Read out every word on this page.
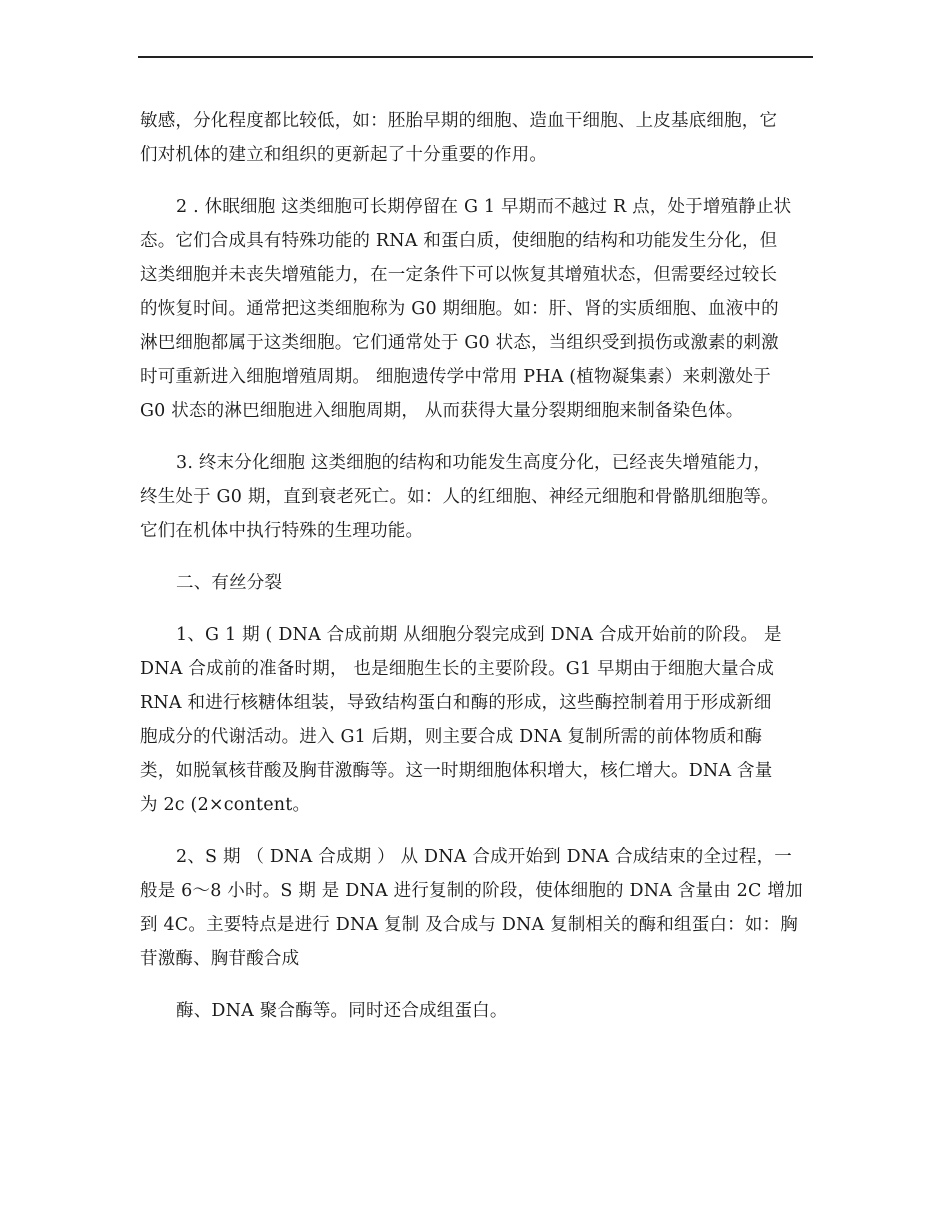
敏感，分化程度都比较低，如：胚胎早期的细胞、造血干细胞、上皮基底细胞，它
们对机体的建立和组织的更新起了十分重要的作用。

2 . 休眠细胞 这类细胞可长期停留在 G 1 早期而不越过 R 点，处于增殖静止状
态。它们合成具有特殊功能的 RNA 和蛋白质，使细胞的结构和功能发生分化，但
这类细胞并未丧失增殖能力，在一定条件下可以恢复其增殖状态，但需要经过较长
的恢复时间。通常把这类细胞称为 G0 期细胞。如：肝、肾的实质细胞、血液中的
淋巴细胞都属于这类细胞。它们通常处于 G0 状态，当组织受到损伤或激素的刺激
时可重新进入细胞增殖周期。 细胞遗传学中常用 PHA (植物凝集素）来刺激处于
G0 状态的淋巴细胞进入细胞周期， 从而获得大量分裂期细胞来制备染色体。

3. 终末分化细胞 这类细胞的结构和功能发生高度分化，已经丧失增殖能力，
终生处于 G0 期，直到衰老死亡。如：人的红细胞、神经元细胞和骨骼肌细胞等。
它们在机体中执行特殊的生理功能。

二、有丝分裂

1、G 1 期 ( DNA 合成前期 从细胞分裂完成到 DNA 合成开始前的阶段。 是
DNA 合成前的准备时期， 也是细胞生长的主要阶段。G1 早期由于细胞大量合成
RNA 和进行核糖体组装，导致结构蛋白和酶的形成，这些酶控制着用于形成新细
胞成分的代谢活动。进入 G1 后期，则主要合成 DNA 复制所需的前体物质和酶
类，如脱氧核苷酸及胸苷激酶等。这一时期细胞体积增大，核仁增大。DNA 含量
为 2c (2×content。

2、S 期 （ DNA 合成期 ） 从 DNA 合成开始到 DNA 合成结束的全过程，一
般是 6～8 小时。S 期 是 DNA 进行复制的阶段，使体细胞的 DNA 含量由 2C 增加
到 4C。主要特点是进行 DNA 复制 及合成与 DNA 复制相关的酶和组蛋白：如：胸
苷激酶、胸苷酸合成

酶、DNA 聚合酶等。同时还合成组蛋白。
